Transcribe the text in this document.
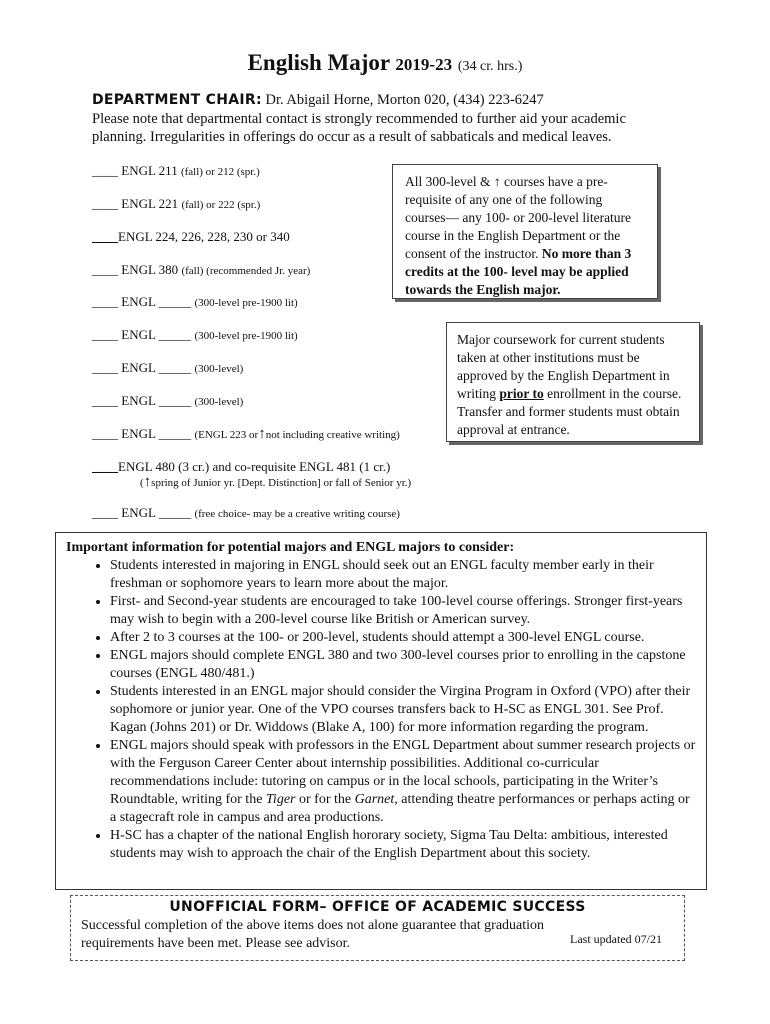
English Major 2019-23 (34 cr. hrs.)
DEPARTMENT CHAIR: Dr. Abigail Horne, Morton 020, (434) 223-6247
Please note that departmental contact is strongly recommended to further aid your academic planning. Irregularities in offerings do occur as a result of sabbaticals and medical leaves.
____ ENGL 211 (fall) or 212 (spr.)
____ ENGL 221 (fall) or 222 (spr.)
____ENGL 224, 226, 228, 230 or 340
____ ENGL 380 (fall) (recommended Jr. year)
____ ENGL _____ (300-level pre-1900 lit)
____ ENGL _____ (300-level pre-1900 lit)
____ ENGL _____ (300-level)
____ ENGL _____ (300-level)
____ ENGL _____ (ENGL 223 or↑not including creative writing)
____ENGL 480 (3 cr.) and co-requisite ENGL 481 (1 cr.)
(↑spring of Junior yr. [Dept. Distinction] or fall of Senior yr.)
____ ENGL _____ (free choice- may be a creative writing course)
All 300-level & ↑ courses have a pre-requisite of any one of the following courses— any 100- or 200-level literature course in the English Department or the consent of the instructor. No more than 3 credits at the 100- level may be applied towards the English major.
Major coursework for current students taken at other institutions must be approved by the English Department in writing prior to enrollment in the course. Transfer and former students must obtain approval at entrance.
Important information for potential majors and ENGL majors to consider:
• Students interested in majoring in ENGL should seek out an ENGL faculty member early in their freshman or sophomore years to learn more about the major.
• First- and Second-year students are encouraged to take 100-level course offerings. Stronger first-years may wish to begin with a 200-level course like British or American survey.
• After 2 to 3 courses at the 100- or 200-level, students should attempt a 300-level ENGL course.
• ENGL majors should complete ENGL 380 and two 300-level courses prior to enrolling in the capstone courses (ENGL 480/481.)
• Students interested in an ENGL major should consider the Virgina Program in Oxford (VPO) after their sophomore or junior year. One of the VPO courses transfers back to H-SC as ENGL 301. See Prof. Kagan (Johns 201) or Dr. Widdows (Blake A, 100) for more information regarding the program.
• ENGL majors should speak with professors in the ENGL Department about summer research projects or with the Ferguson Career Center about internship possibilities. Additional co-curricular recommendations include: tutoring on campus or in the local schools, participating in the Writer’s Roundtable, writing for the Tiger or for the Garnet, attending theatre performances or perhaps acting or a stagecraft role in campus and area productions.
• H-SC has a chapter of the national English hororary society, Sigma Tau Delta: ambitious, interested students may wish to approach the chair of the English Department about this society.
UNOFFICIAL FORM– OFFICE OF ACADEMIC SUCCESS
Successful completion of the above items does not alone guarantee that graduation requirements have been met. Please see advisor.	Last updated 07/21
